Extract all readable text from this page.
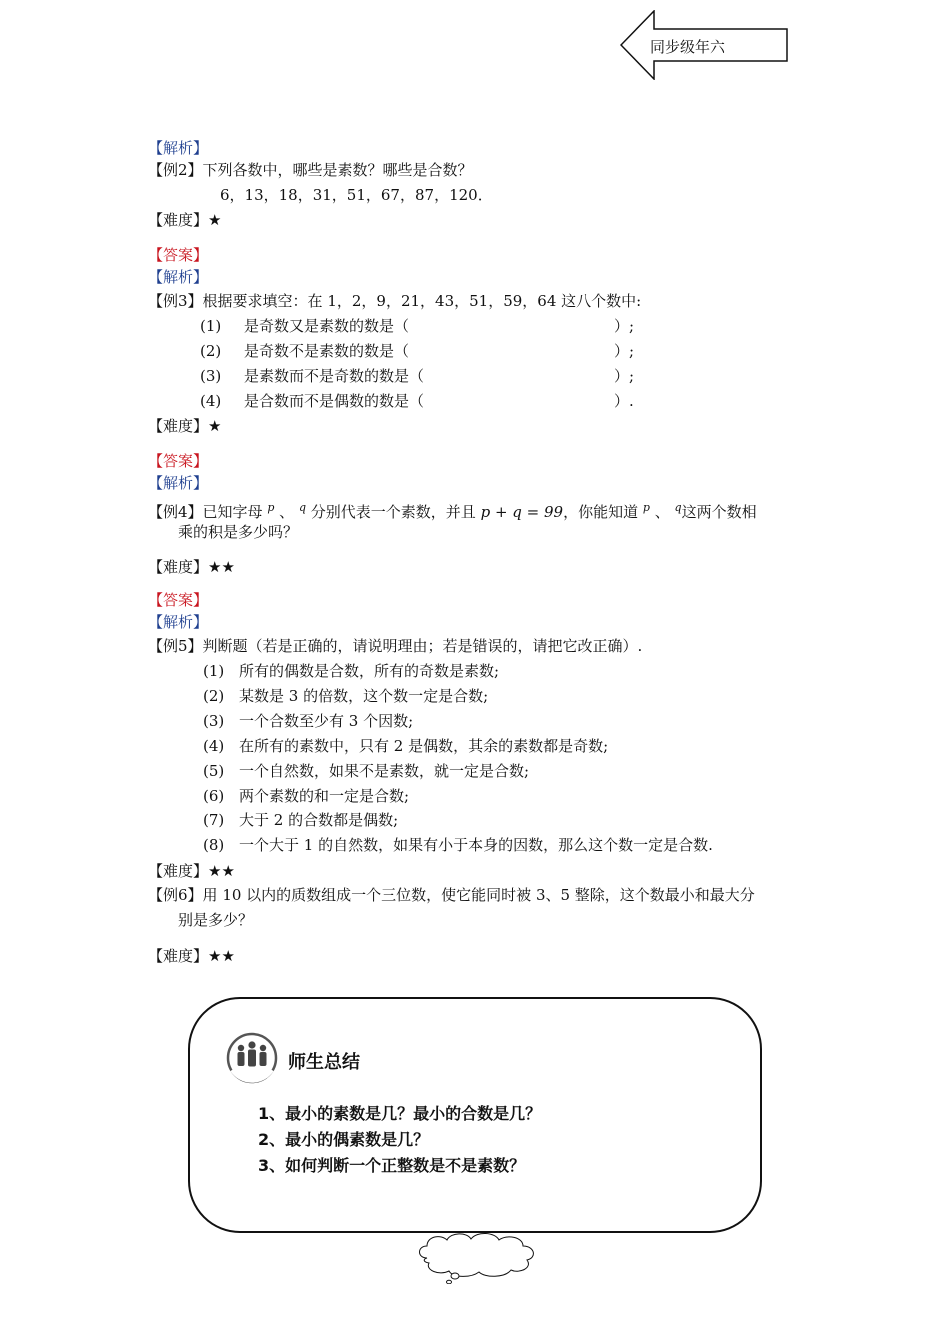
同步级年六
【解析】
【例2】下列各数中，哪些是素数？哪些是合数？
6，13，18，31，51，67，87，120．
【难度】★
【答案】
【解析】
【例3】根据要求填空：在 1，2，9，21，43，51，59，64 这八个数中:
(1) 是奇数又是素数的数是（	）;
(2) 是奇数不是素数的数是（	）;
(3) 是素数而不是奇数的数是（	）;
(4) 是合数而不是偶数的数是（	）.
【难度】★
【答案】
【解析】
【例4】已知字母 $^p$ 、 $^q$ 分别代表一个素数，并且 p + q = 99，你能知道 $^p$ 、 $^q$这两个数相
乘的积是多少吗？
【难度】★★
【答案】
【解析】
【例5】判断题（若是正确的，请说明理由；若是错误的，请把它改正确）.
(1) 所有的偶数是合数，所有的奇数是素数;
(2) 某数是 3 的倍数，这个数一定是合数;
(3) 一个合数至少有 3 个因数;
(4) 在所有的素数中，只有 2 是偶数，其余的素数都是奇数;
(5) 一个自然数，如果不是素数，就一定是合数;
(6) 两个素数的和一定是合数;
(7) 大于 2 的合数都是偶数;
(8) 一个大于 1 的自然数，如果有小于本身的因数，那么这个数一定是合数.
【难度】★★
【例6】用 10 以内的质数组成一个三位数，使它能同时被 3、5 整除，这个数最小和最大分
别是多少？
【难度】★★
师生总结
1、最小的素数是几？最小的合数是几？
2、最小的偶素数是几？
3、如何判断一个正整数是不是素数？
